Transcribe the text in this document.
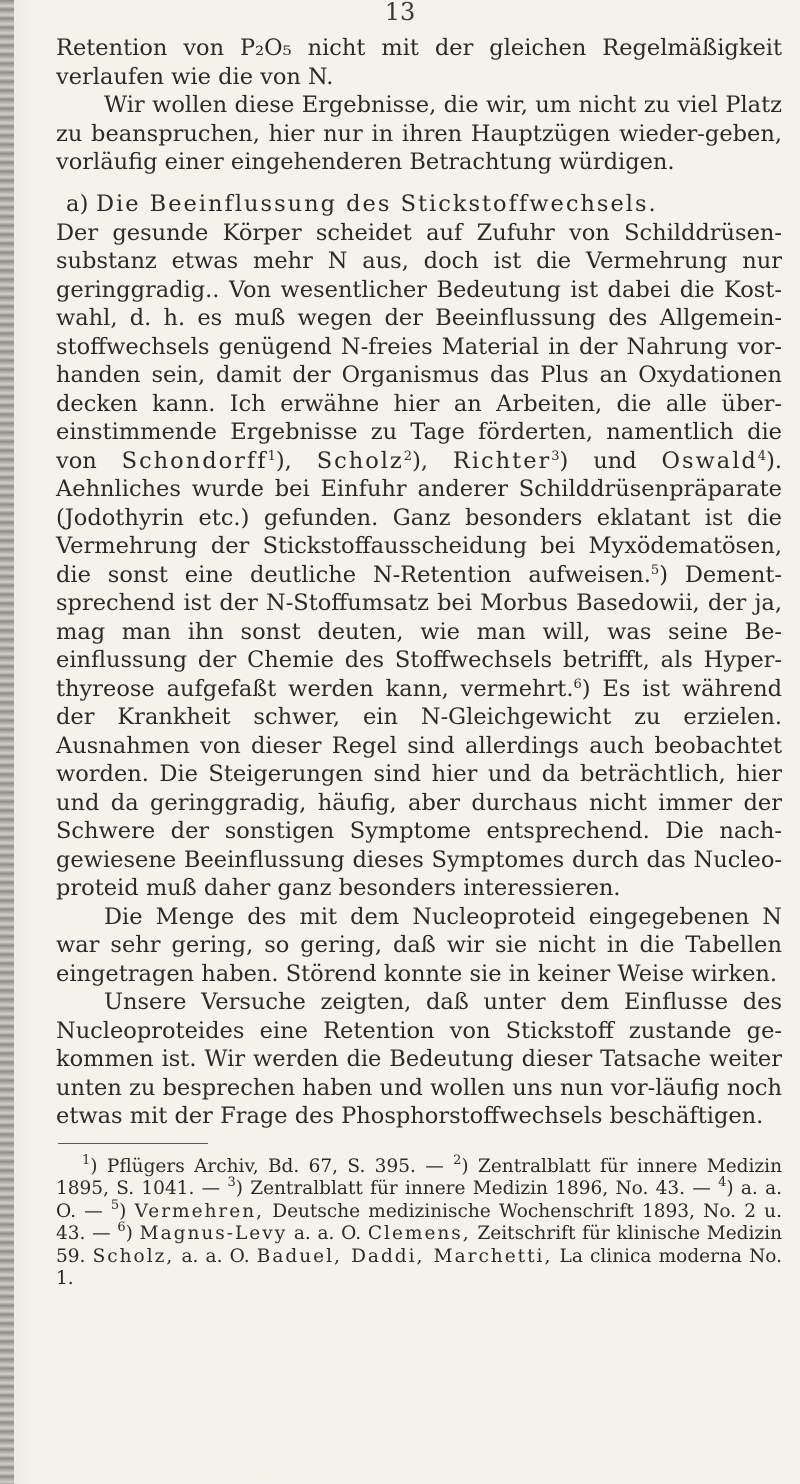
13

Retention von P₂O₅ nicht mit der gleichen Regelmäßigkeit verlaufen wie die von N.

Wir wollen diese Ergebnisse, die wir, um nicht zu viel Platz zu beanspruchen, hier nur in ihren Hauptzügen wieder-geben, vorläufig einer eingehenderen Betrachtung würdigen.

a) Die Beeinflussung des Stickstoffwechsels.

Der gesunde Körper scheidet auf Zufuhr von Schilddrüsen-substanz etwas mehr N aus, doch ist die Vermehrung nur geringgradig.. Von wesentlicher Bedeutung ist dabei die Kost-wahl, d. h. es muß wegen der Beeinflussung des Allgemein-stoffwechsels genügend N-freies Material in der Nahrung vor-handen sein, damit der Organismus das Plus an Oxydationen decken kann. Ich erwähne hier an Arbeiten, die alle über-einstimmende Ergebnisse zu Tage förderten, namentlich die von Schondorff$^1$), Scholz$^2$), Richter$^3$) und Oswald$^4$). Aehnliches wurde bei Einfuhr anderer Schilddrüsenpräparate (Jodothyrin etc.) gefunden. Ganz besonders eklatant ist die Vermehrung der Stickstoffausscheidung bei Myxödematösen, die sonst eine deutliche N-Retention aufweisen.$^5$) Dement-sprechend ist der N-Stoffumsatz bei Morbus Basedowii, der ja, mag man ihn sonst deuten, wie man will, was seine Be-einflussung der Chemie des Stoffwechsels betrifft, als Hyper-thyreose aufgefaßt werden kann, vermehrt.$^6$) Es ist während der Krankheit schwer, ein N-Gleichgewicht zu erzielen. Ausnahmen von dieser Regel sind allerdings auch beobachtet worden. Die Steigerungen sind hier und da beträchtlich, hier und da geringgradig, häufig, aber durchaus nicht immer der Schwere der sonstigen Symptome entsprechend. Die nach-gewiesene Beeinflussung dieses Symptomes durch das Nucleo-proteid muß daher ganz besonders interessieren.

Die Menge des mit dem Nucleoproteid eingegebenen N war sehr gering, so gering, daß wir sie nicht in die Tabellen eingetragen haben. Störend konnte sie in keiner Weise wirken.

Unsere Versuche zeigten, daß unter dem Einflusse des Nucleoproteides eine Retention von Stickstoff zustande ge-kommen ist. Wir werden die Bedeutung dieser Tatsache weiter unten zu besprechen haben und wollen uns nun vor-läufig noch etwas mit der Frage des Phosphorstoffwechsels beschäftigen.

$^1$) Pflügers Archiv, Bd. 67, S. 395. — $^2$) Zentralblatt für innere Medizin 1895, S. 1041. — $^3$) Zentralblatt für innere Medizin 1896, No. 43. — $^4$) a. a. O. — $^5$) Vermehren, Deutsche medizinische Wochenschrift 1893, No. 2 u. 43. — $^6$) Magnus-Levy a. a. O. Clemens, Zeitschrift für klinische Medizin 59. Scholz, a. a. O. Baduel, Daddi, Marchetti, La clinica moderna No. 1.
